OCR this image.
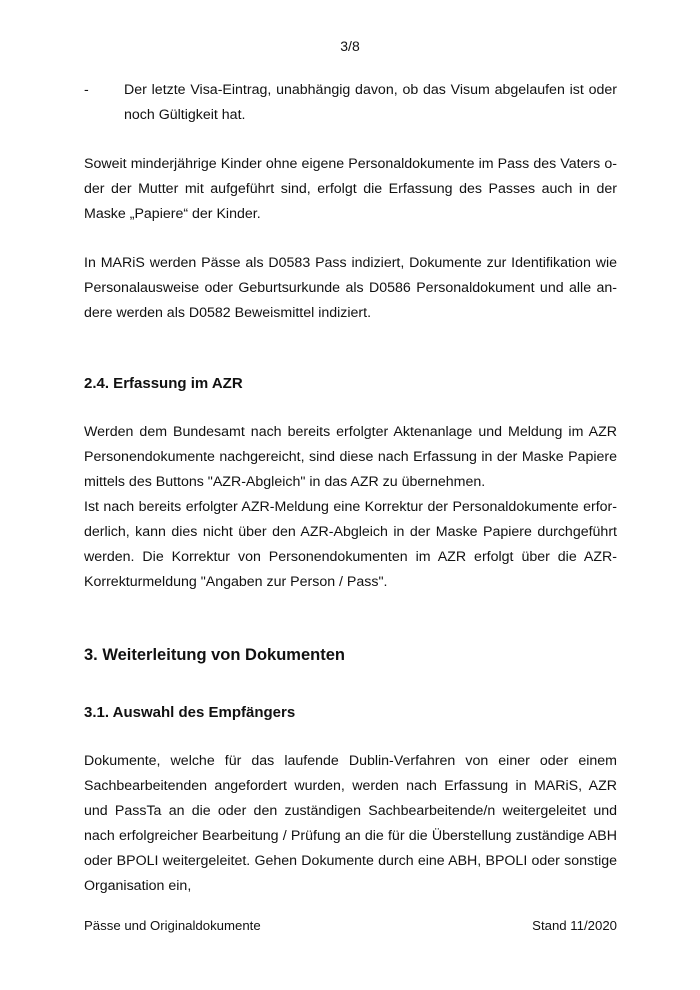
3/8
-	Der letzte Visa-Eintrag, unabhängig davon, ob das Visum abgelaufen ist oder noch Gültigkeit hat.

Soweit minderjährige Kinder ohne eigene Personaldokumente im Pass des Vaters oder der Mutter mit aufgeführt sind, erfolgt die Erfassung des Passes auch in der Maske „Papiere“ der Kinder.

In MARiS werden Pässe als D0583 Pass indiziert, Dokumente zur Identifikation wie Personalausweise oder Geburtsurkunde als D0586 Personaldokument und alle andere werden als D0582 Beweismittel indiziert.

2.4. Erfassung im AZR

Werden dem Bundesamt nach bereits erfolgter Aktenanlage und Meldung im AZR Personendokumente nachgereicht, sind diese nach Erfassung in der Maske Papiere mittels des Buttons "AZR-Abgleich" in das AZR zu übernehmen.

Ist nach bereits erfolgter AZR-Meldung eine Korrektur der Personaldokumente erforderlich, kann dies nicht über den AZR-Abgleich in der Maske Papiere durchgeführt werden. Die Korrektur von Personendokumenten im AZR erfolgt über die AZR-Korrekturmeldung "Angaben zur Person / Pass".

3. Weiterleitung von Dokumenten
3.1. Auswahl des Empfängers

Dokumente, welche für das laufende Dublin-Verfahren von einer oder einem Sachbearbeitenden angefordert wurden, werden nach Erfassung in MARiS, AZR und PassTa an die oder den zuständigen Sachbearbeitende/n weitergeleitet und nach erfolgreicher Bearbeitung / Prüfung an die für die Überstellung zuständige ABH oder BPOLI weitergeleitet. Gehen Dokumente durch eine ABH, BPOLI oder sonstige Organisation ein,

Pässe und Originaldokumente	Stand 11/2020
